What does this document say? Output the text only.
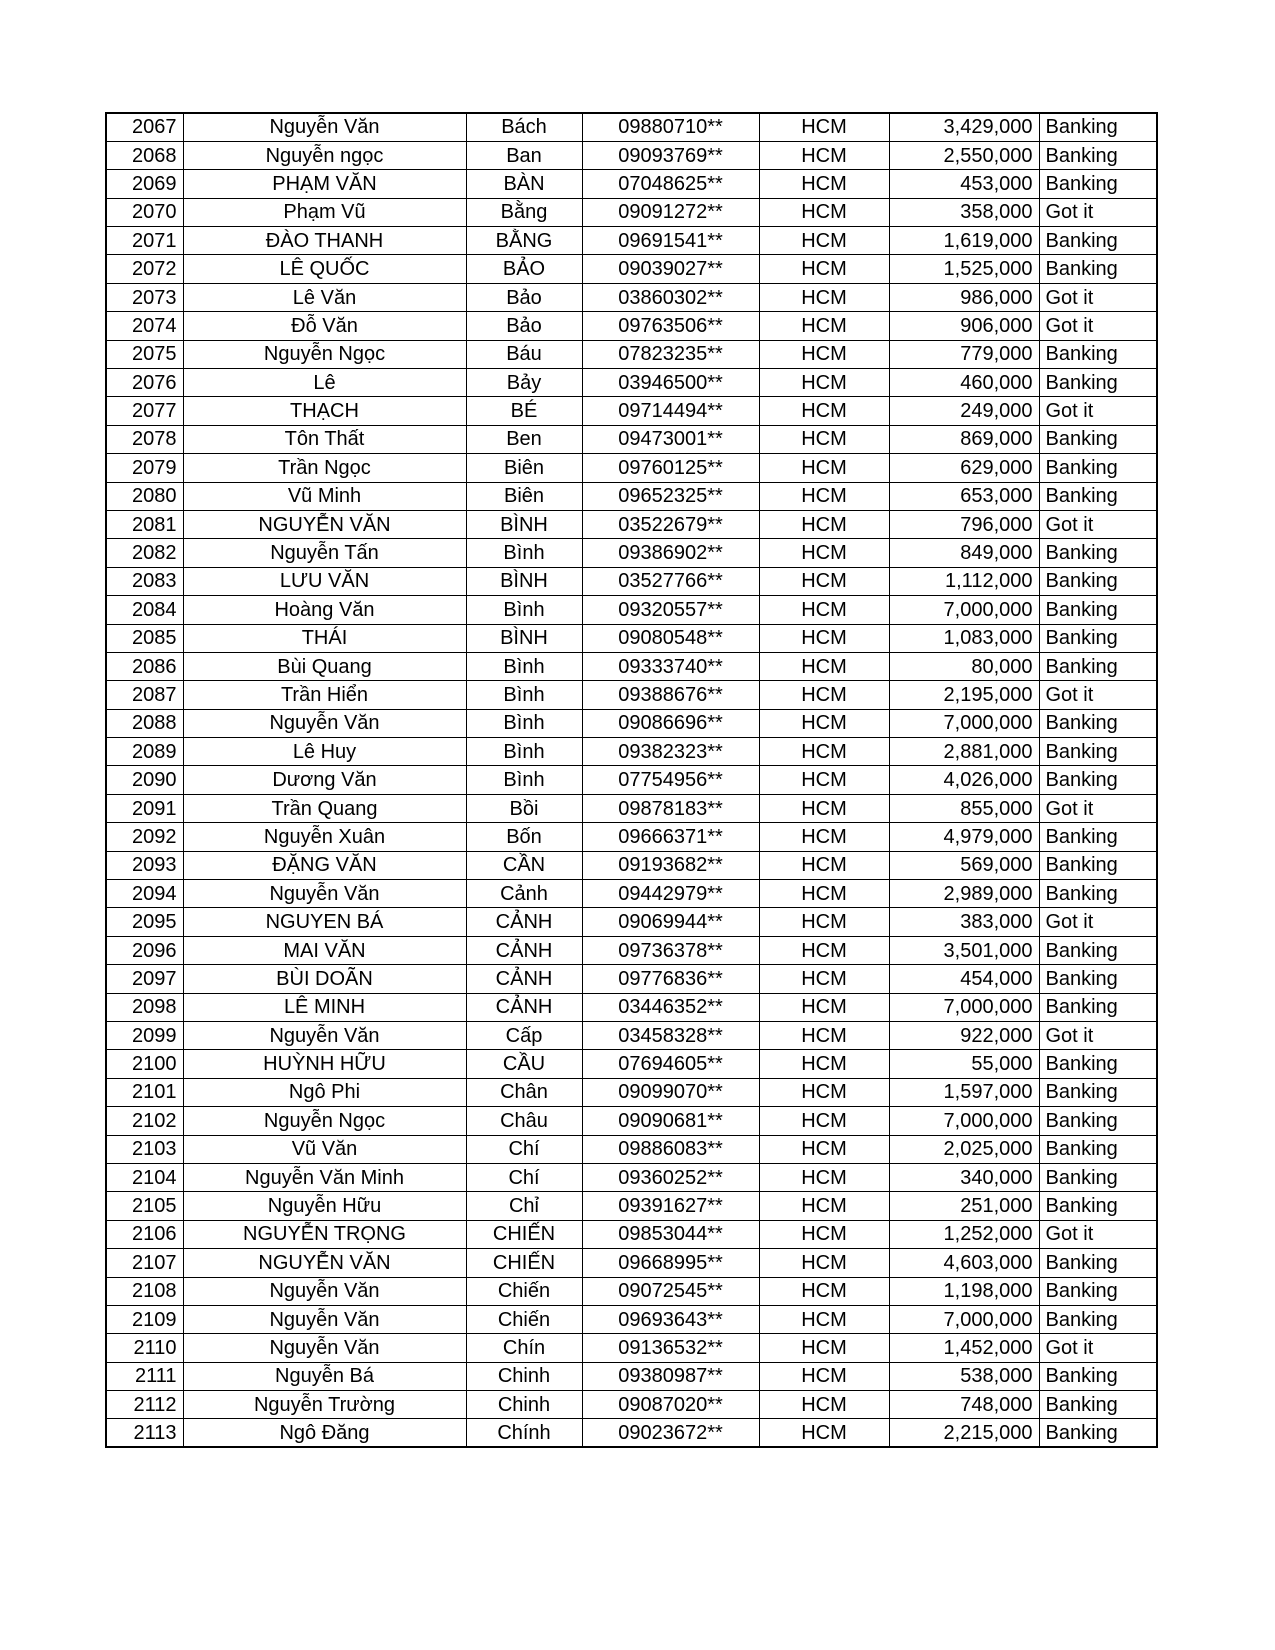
2067	Nguyễn Văn	Bách	09880710**	HCM	3,429,000	Banking
2068	Nguyễn ngọc	Ban	09093769**	HCM	2,550,000	Banking
2069	PHẠM VĂN	BÀN	07048625**	HCM	453,000	Banking
2070	Phạm Vũ	Bằng	09091272**	HCM	358,000	Got it
2071	ĐÀO THANH	BẰNG	09691541**	HCM	1,619,000	Banking
2072	LÊ QUỐC	BẢO	09039027**	HCM	1,525,000	Banking
2073	Lê Văn	Bảo	03860302**	HCM	986,000	Got it
2074	Đỗ Văn	Bảo	09763506**	HCM	906,000	Got it
2075	Nguyễn Ngọc	Báu	07823235**	HCM	779,000	Banking
2076	Lê	Bảy	03946500**	HCM	460,000	Banking
2077	THẠCH	BÉ	09714494**	HCM	249,000	Got it
2078	Tôn Thất	Ben	09473001**	HCM	869,000	Banking
2079	Trần Ngọc	Biên	09760125**	HCM	629,000	Banking
2080	Vũ Minh	Biên	09652325**	HCM	653,000	Banking
2081	NGUYỄN VĂN	BÌNH	03522679**	HCM	796,000	Got it
2082	Nguyễn Tấn	Bình	09386902**	HCM	849,000	Banking
2083	LƯU VĂN	BÌNH	03527766**	HCM	1,112,000	Banking
2084	Hoàng Văn	Bình	09320557**	HCM	7,000,000	Banking
2085	THÁI	BÌNH	09080548**	HCM	1,083,000	Banking
2086	Bùi Quang	Bình	09333740**	HCM	80,000	Banking
2087	Trần Hiển	Bình	09388676**	HCM	2,195,000	Got it
2088	Nguyễn Văn	Bình	09086696**	HCM	7,000,000	Banking
2089	Lê Huy	Bình	09382323**	HCM	2,881,000	Banking
2090	Dương Văn	Bình	07754956**	HCM	4,026,000	Banking
2091	Trần Quang	Bồi	09878183**	HCM	855,000	Got it
2092	Nguyễn Xuân	Bốn	09666371**	HCM	4,979,000	Banking
2093	ĐẶNG VĂN	CẦN	09193682**	HCM	569,000	Banking
2094	Nguyễn Văn	Cảnh	09442979**	HCM	2,989,000	Banking
2095	NGUYEN BÁ	CẢNH	09069944**	HCM	383,000	Got it
2096	MAI VĂN	CẢNH	09736378**	HCM	3,501,000	Banking
2097	BÙI DOÃN	CẢNH	09776836**	HCM	454,000	Banking
2098	LÊ MINH	CẢNH	03446352**	HCM	7,000,000	Banking
2099	Nguyễn Văn	Cấp	03458328**	HCM	922,000	Got it
2100	HUỲNH HỮU	CẦU	07694605**	HCM	55,000	Banking
2101	Ngô Phi	Chân	09099070**	HCM	1,597,000	Banking
2102	Nguyễn Ngọc	Châu	09090681**	HCM	7,000,000	Banking
2103	Vũ Văn	Chí	09886083**	HCM	2,025,000	Banking
2104	Nguyễn Văn Minh	Chí	09360252**	HCM	340,000	Banking
2105	Nguyễn Hữu	Chỉ	09391627**	HCM	251,000	Banking
2106	NGUYỄN TRỌNG	CHIẾN	09853044**	HCM	1,252,000	Got it
2107	NGUYỄN VĂN	CHIẾN	09668995**	HCM	4,603,000	Banking
2108	Nguyễn Văn	Chiến	09072545**	HCM	1,198,000	Banking
2109	Nguyễn Văn	Chiến	09693643**	HCM	7,000,000	Banking
2110	Nguyễn Văn	Chín	09136532**	HCM	1,452,000	Got it
2111	Nguyễn Bá	Chinh	09380987**	HCM	538,000	Banking
2112	Nguyễn Trường	Chinh	09087020**	HCM	748,000	Banking
2113	Ngô Đăng	Chính	09023672**	HCM	2,215,000	Banking
